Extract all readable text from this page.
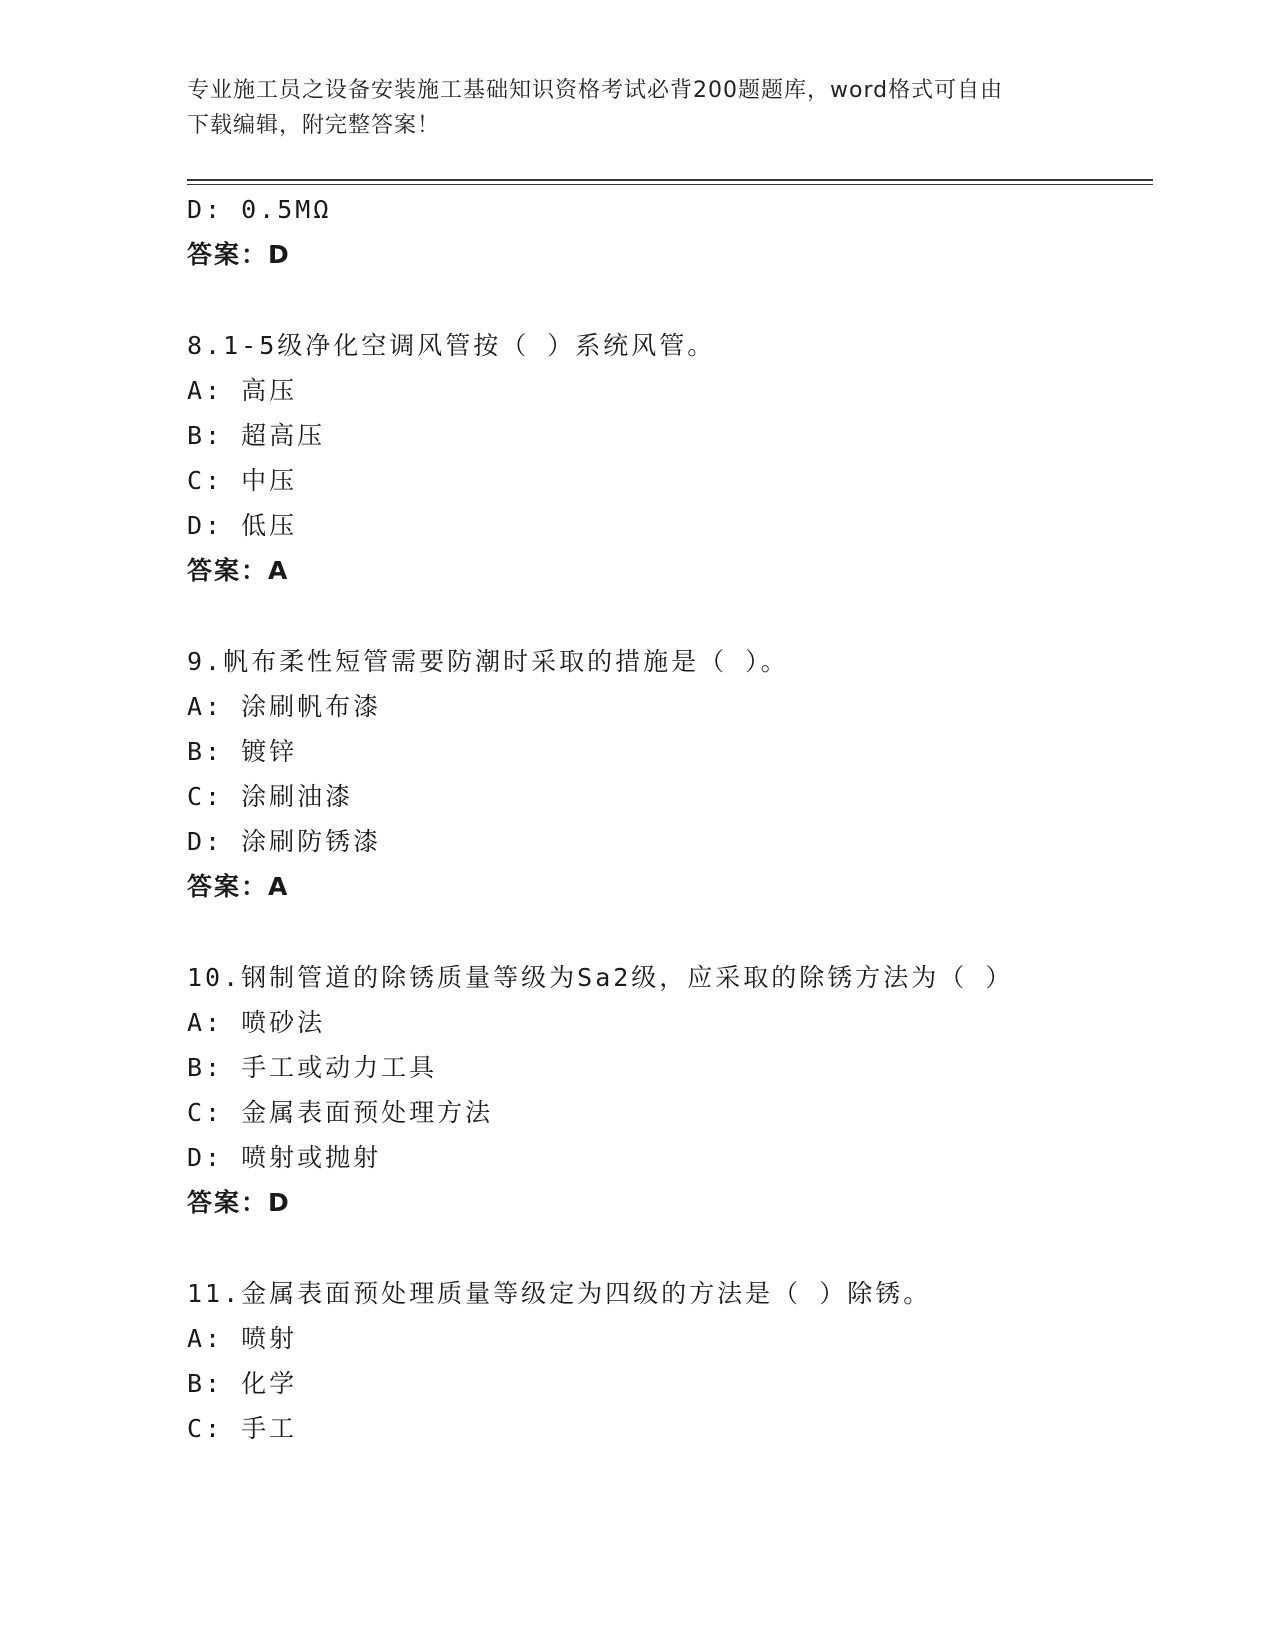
专业施工员之设备安装施工基础知识资格考试必背200题题库，word格式可自由
下载编辑，附完整答案！
D: 0.5MΩ
答案：D
8.1-5级净化空调风管按（ ）系统风管。
A: 高压
B: 超高压
C: 中压
D: 低压
答案：A
9.帆布柔性短管需要防潮时采取的措施是（ ）。
A: 涂刷帆布漆
B: 镀锌
C: 涂刷油漆
D: 涂刷防锈漆
答案：A
10.钢制管道的除锈质量等级为Sa2级，应采取的除锈方法为（ ）
A: 喷砂法
B: 手工或动力工具
C: 金属表面预处理方法
D: 喷射或抛射
答案：D
11.金属表面预处理质量等级定为四级的方法是（ ）除锈。
A: 喷射
B: 化学
C: 手工
